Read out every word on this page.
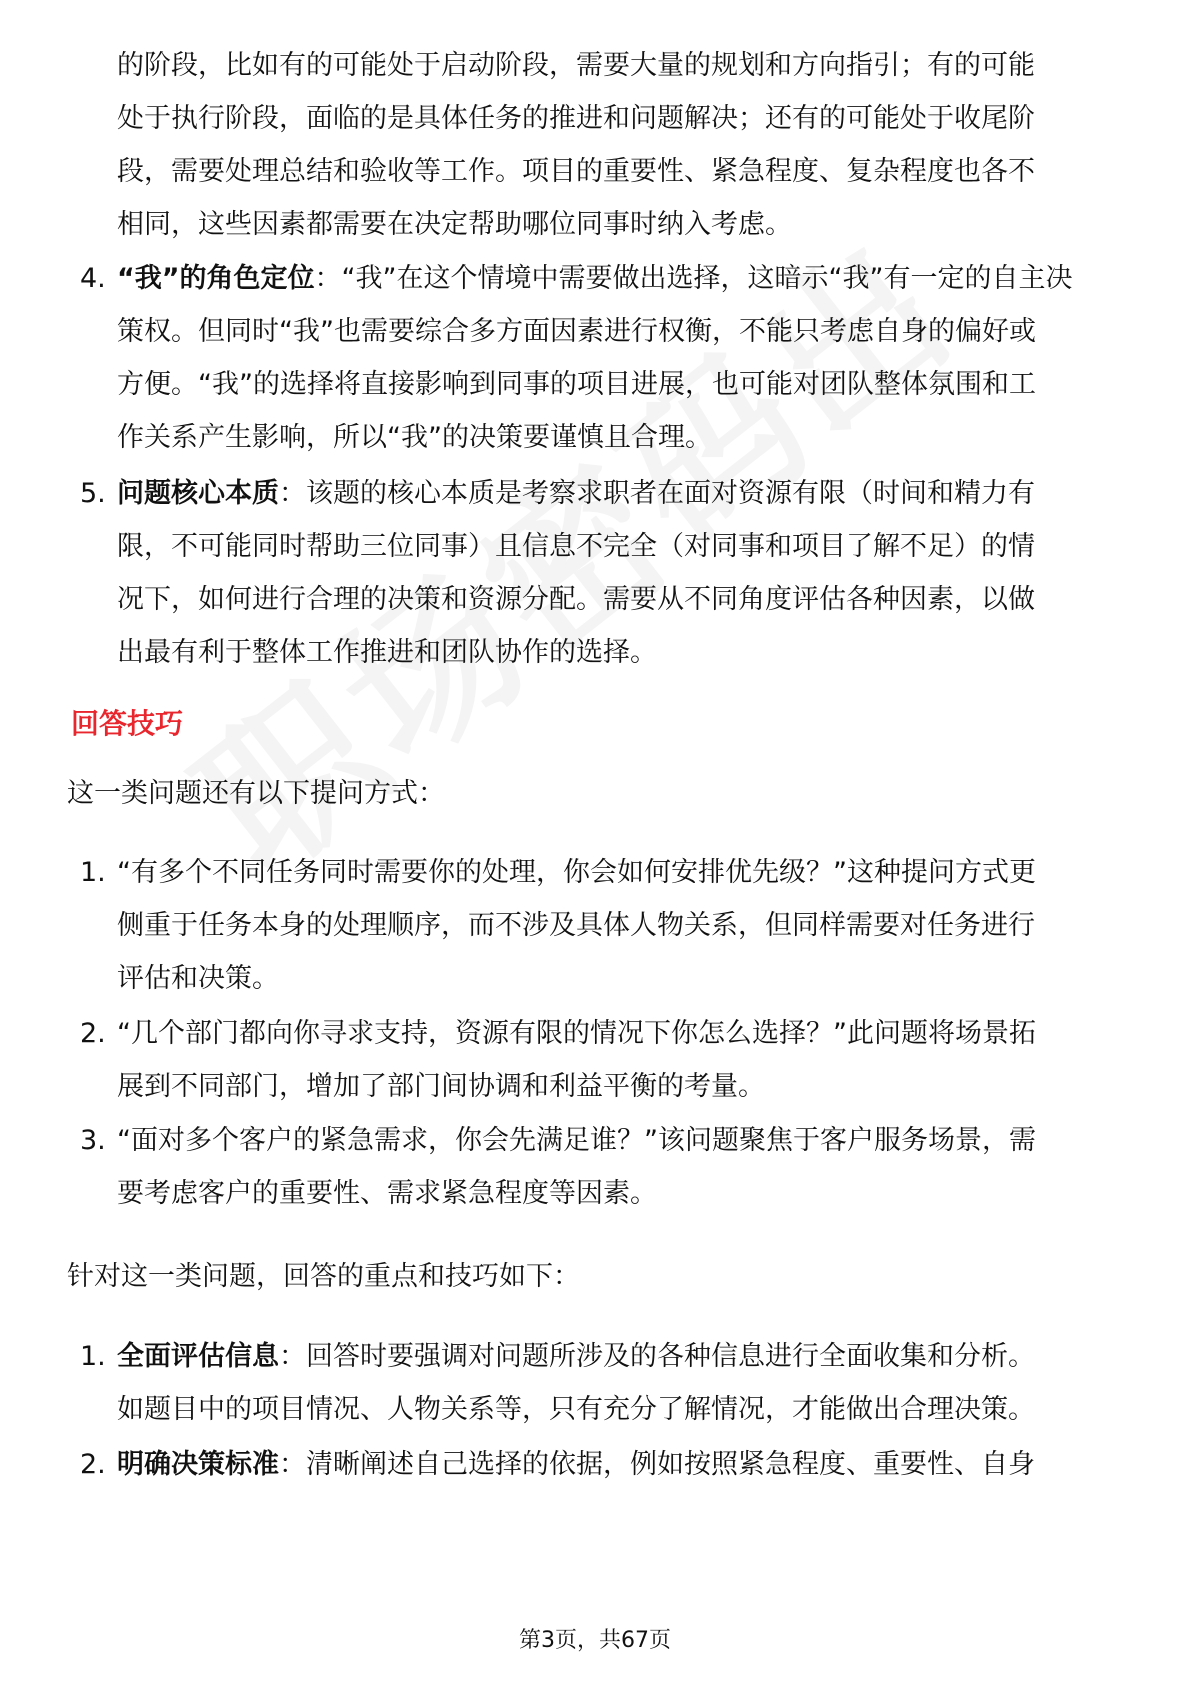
的阶段，比如有的可能处于启动阶段，需要大量的规划和方向指引；有的可能
处于执行阶段，面临的是具体任务的推进和问题解决；还有的可能处于收尾阶
段，需要处理总结和验收等工作。项目的重要性、紧急程度、复杂程度也各不
相同，这些因素都需要在决定帮助哪位同事时纳入考虑。
4. “我”的角色定位：“我”在这个情境中需要做出选择，这暗示“我”有一定的自主决
策权。但同时“我”也需要综合多方面因素进行权衡，不能只考虑自身的偏好或
方便。“我”的选择将直接影响到同事的项目进展，也可能对团队整体氛围和工
作关系产生影响，所以“我”的决策要谨慎且合理。
5. 问题核心本质：该题的核心本质是考察求职者在面对资源有限（时间和精力有
限，不可能同时帮助三位同事）且信息不完全（对同事和项目了解不足）的情
况下，如何进行合理的决策和资源分配。需要从不同角度评估各种因素，以做
出最有利于整体工作推进和团队协作的选择。
回答技巧
这一类问题还有以下提问方式：
1. “有多个不同任务同时需要你的处理，你会如何安排优先级？”这种提问方式更
侧重于任务本身的处理顺序，而不涉及具体人物关系，但同样需要对任务进行
评估和决策。
2. “几个部门都向你寻求支持，资源有限的情况下你怎么选择？”此问题将场景拓
展到不同部门，增加了部门间协调和利益平衡的考量。
3. “面对多个客户的紧急需求，你会先满足谁？”该问题聚焦于客户服务场景，需
要考虑客户的重要性、需求紧急程度等因素。
针对这一类问题，回答的重点和技巧如下：
1. 全面评估信息：回答时要强调对问题所涉及的各种信息进行全面收集和分析。
如题目中的项目情况、人物关系等，只有充分了解情况，才能做出合理决策。
2. 明确决策标准：清晰阐述自己选择的依据，例如按照紧急程度、重要性、自身
第3页，共67页
